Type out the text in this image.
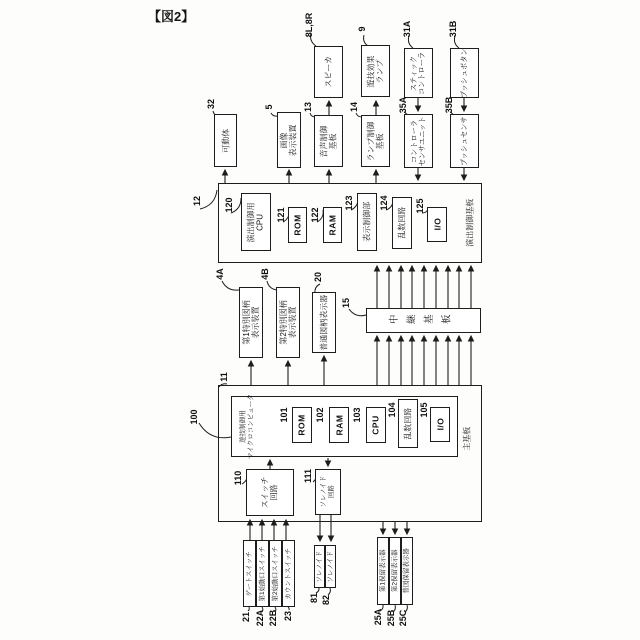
【図2】
スピーカ	遊技効果
ランプ	スティック
コントローラ	プッシュボタン
可動体	画像
表示装置	音声制御
基板	ランプ制御
基板	コントローラ
センサユニット	プッシュセンサ
演出制御用
CPU	ROM	RAM	表示制御部	乱数回路	I/O	演出制御基板
第1特別図柄
表示装置 第2特別図柄
表示装置	普通図柄表示器	中継基板
遊技制御用
マイクロコンピュータ	ROM	RAM	CPU	乱数回路	I/O
主基板
スイッチ
回路	ソレノイド
回路
ゲートスイッチ 第1始動口スイッチ 第2始動口スイッチ カウントスイッチ	ソレノイド ソレノイド	第1保留表示器 第2保留表示器 普図保留表示器
12 120
121	122
123	124	125
32	5	13	14	35A	35B
8L,8R	9	31A	31B
4A	4B	20
15
100
11
101	102	103	104 105
110	111
21 22A 22B 23
81 82
25A 25B 25C
